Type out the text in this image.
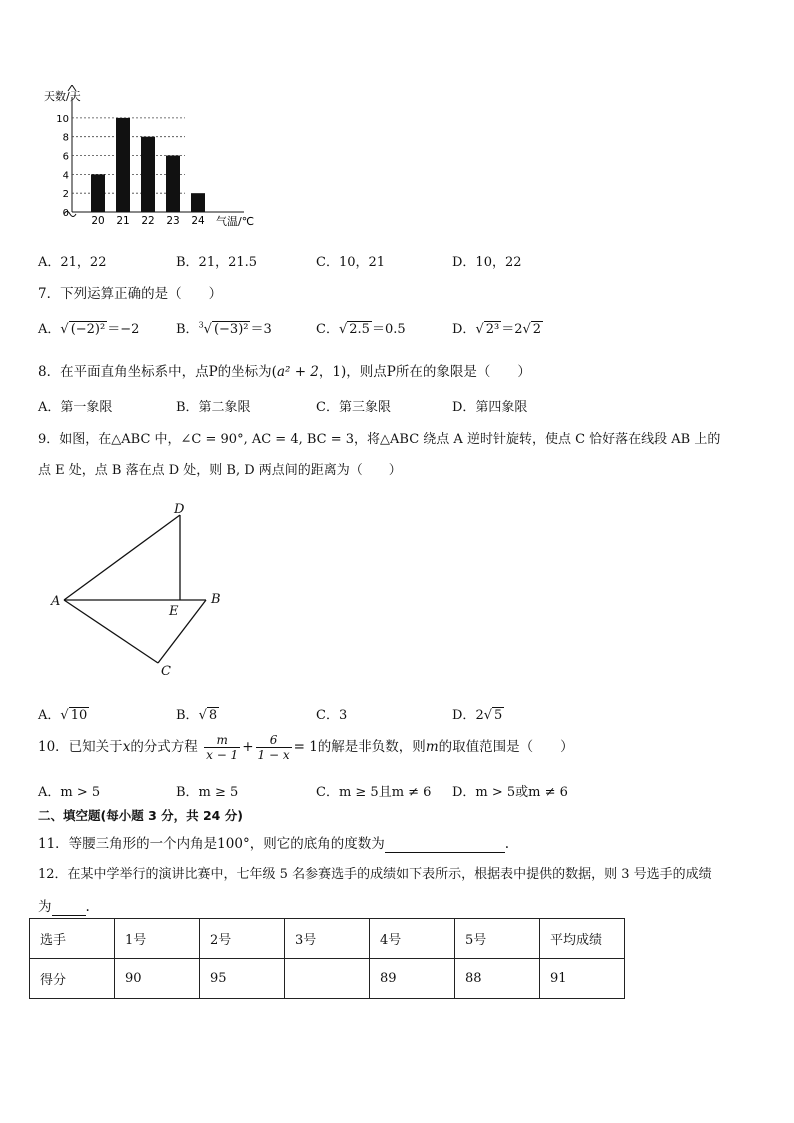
天数/天
0
2
4
6
8
10
20 21 22 23 24 气温/℃
A．21，22	B．21，21.5	C．10，21	D．10，22
7．下列运算正确的是（　　）
A．√ (−2)² ＝−2	B．$^3$√ (−3)² ＝3	C．√ 2.5 ＝0.5	D．√ 2³ ＝2√ 2
8．在平面直角坐标系中，点P的坐标为(a² + 2，1)，则点P所在的象限是（　　）
A．第一象限	B．第二象限	C．第三象限	D．第四象限
9．如图，在△ABC 中，∠C = 90°, AC = 4, BC = 3，将△ABC 绕点 A 逆时针旋转，使点 C 恰好落在线段 AB 上的
点 E 处，点 B 落在点 D 处，则 B, D 两点间的距离为（　　）
D
A
E
B
C
A．√ 10	B．√ 8	C．3	D．2√ 5
10．已知关于x的分式方程 $\frac{m}{x - 1} + \frac{6}{1 - x} = 1$的解是非负数，则m的取值范围是（　　）
A．m > 5	B．m ≥ 5	C．m ≥ 5且m ≠ 6 D．m > 5或m ≠ 6
二、填空题(每小题 3 分，共 24 分)
11．等腰三角形的一个内角是100°，则它的底角的度数为	.
12．在某中学举行的演讲比赛中，七年级 5 名参赛选手的成绩如下表所示，根据表中提供的数据，则 3 号选手的成绩
为	.
选手	1号	2号	3号	4号	5号	平均成绩
得分	90	95		89	88	91
